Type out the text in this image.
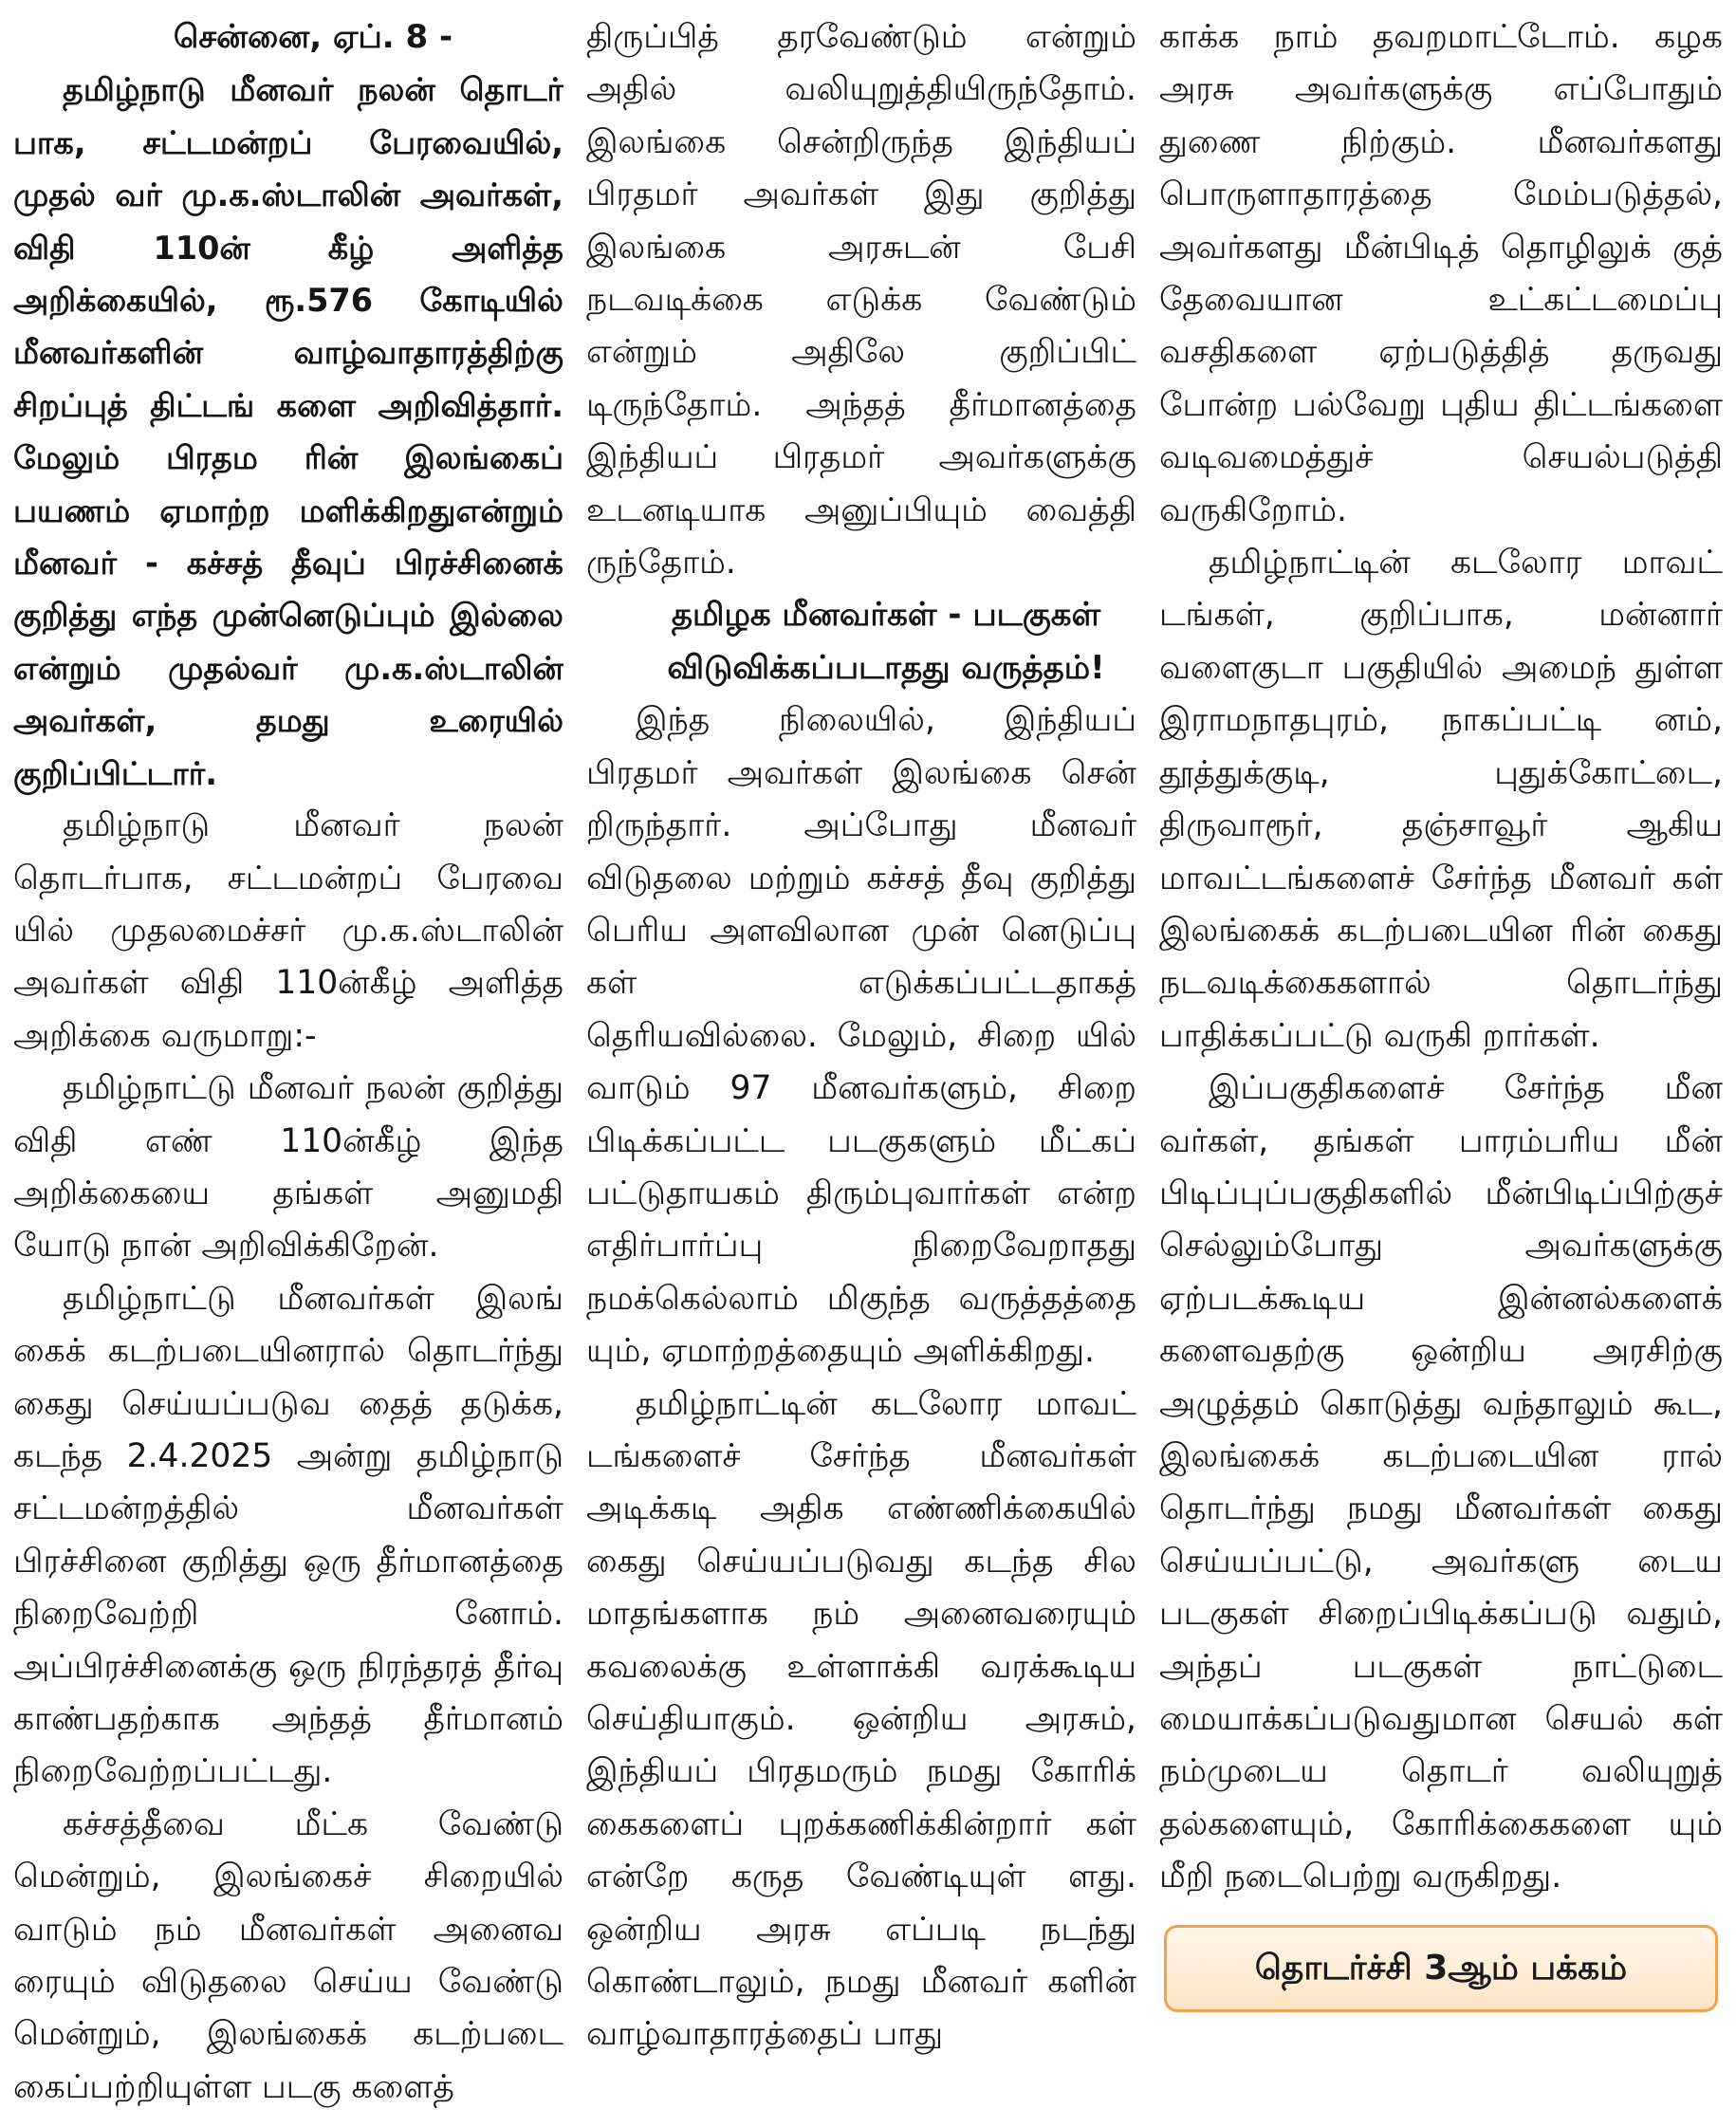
சென்னை, ஏப். 8 -

தமிழ்நாடு மீனவர் நலன் தொடர் பாக, சட்டமன்றப் பேரவையில், முதல் வர் மு.க.ஸ்டாலின் அவர்கள், விதி 110ன் கீழ் அளித்த அறிக்கையில், ரூ.576 கோடியில் மீனவர்களின் வாழ்வாதாரத்திற்கு சிறப்புத் திட்டங் களை அறிவித்தார். மேலும் பிரதம ரின் இலங்கைப் பயணம் ஏமாற்ற மளிக்கிறதுஎன்றும் மீனவர் - கச்சத் தீவுப் பிரச்சினைக் குறித்து எந்த முன்னெடுப்பும் இல்லை என்றும் முதல்வர் மு.க.ஸ்டாலின் அவர்கள், தமது உரையில் குறிப்பிட்டார்.

தமிழ்நாடு மீனவர் நலன் தொடர்பாக, சட்டமன்றப் பேரவை யில் முதலமைச்சர் மு.க.ஸ்டாலின் அவர்கள் விதி 110ன்கீழ் அளித்த அறிக்கை வருமாறு:-

தமிழ்நாட்டு மீனவர் நலன் குறித்து விதி எண் 110ன்கீழ் இந்த அறிக்கையை தங்கள் அனுமதி யோடு நான் அறிவிக்கிறேன்.

தமிழ்நாட்டு மீனவர்கள் இலங் கைக் கடற்படையினரால் தொடர்ந்து கைது செய்யப்படுவ தைத் தடுக்க, கடந்த 2.4.2025 அன்று தமிழ்நாடு சட்டமன்றத்தில் மீனவர்கள் பிரச்சினை குறித்து ஒரு தீர்மானத்தை நிறைவேற்றி னோம். அப்பிரச்சினைக்கு ஒரு நிரந்தரத் தீர்வு காண்பதற்காக அந்தத் தீர்மானம் நிறைவேற்றப்பட்டது.

கச்சத்தீவை மீட்க வேண்டு மென்றும், இலங்கைச் சிறையில் வாடும் நம் மீனவர்கள் அனைவ ரையும் விடுதலை செய்ய வேண்டு மென்றும், இலங்கைக் கடற்படை கைப்பற்றியுள்ள படகு களைத்

திருப்பித் தரவேண்டும் என்றும் அதில் வலியுறுத்தியிருந்தோம். இலங்கை சென்றிருந்த இந்தியப் பிரதமர் அவர்கள் இது குறித்து இலங்கை அரசுடன் பேசி நடவடிக்கை எடுக்க வேண்டும் என்றும் அதிலே குறிப்பிட் டிருந்தோம். அந்தத் தீர்மானத்தை இந்தியப் பிரதமர் அவர்களுக்கு உடனடியாக அனுப்பியும் வைத்தி ருந்தோம்.

தமிழக மீனவர்கள் - படகுகள்

விடுவிக்கப்படாதது வருத்தம்!

இந்த நிலையில், இந்தியப் பிரதமர் அவர்கள் இலங்கை சென் றிருந்தார். அப்போது மீனவர் விடுதலை மற்றும் கச்சத் தீவு குறித்து பெரிய அளவிலான முன் னெடுப்பு கள் எடுக்கப்பட்டதாகத் தெரியவில்லை. மேலும், சிறை யில் வாடும் 97 மீனவர்களும், சிறை பிடிக்கப்பட்ட படகுகளும் மீட்கப் பட்டுதாயகம் திரும்புவார்கள் என்ற எதிர்பார்ப்பு நிறைவேறாதது நமக்கெல்லாம் மிகுந்த வருத்தத்தை யும், ஏமாற்றத்தையும் அளிக்கிறது.

தமிழ்நாட்டின் கடலோர மாவட் டங்களைச் சேர்ந்த மீனவர்கள் அடிக்கடி அதிக எண்ணிக்கையில் கைது செய்யப்படுவது கடந்த சில மாதங்களாக நம் அனைவரையும் கவலைக்கு உள்ளாக்கி வரக்கூடிய செய்தியாகும். ஒன்றிய அரசும், இந்தியப் பிரதமரும் நமது கோரிக் கைகளைப் புறக்கணிக்கின்றார் கள் என்றே கருத வேண்டியுள் ளது. ஒன்றிய அரசு எப்படி நடந்து கொண்டாலும், நமது மீனவர் களின் வாழ்வாதாரத்தைப் பாது

காக்க நாம் தவறமாட்டோம். கழக அரசு அவர்களுக்கு எப்போதும் துணை நிற்கும். மீனவர்களது பொருளாதாரத்தை மேம்படுத்தல், அவர்களது மீன்பிடித் தொழிலுக் குத் தேவையான உட்கட்டமைப்பு வசதிகளை ஏற்படுத்தித் தருவது போன்ற பல்வேறு புதிய திட்டங்களை வடிவமைத்துச் செயல்படுத்தி வருகிறோம்.

தமிழ்நாட்டின் கடலோர மாவட் டங்கள், குறிப்பாக, மன்னார் வளைகுடா பகுதியில் அமைந் துள்ள இராமநாதபுரம், நாகப்பட்டி னம், தூத்துக்குடி, புதுக்கோட்டை, திருவாரூர், தஞ்சாவூர் ஆகிய மாவட்டங்களைச் சேர்ந்த மீனவர் கள் இலங்கைக் கடற்படையின ரின் கைது நடவடிக்கைகளால் தொடர்ந்து பாதிக்கப்பட்டு வருகி றார்கள்.

இப்பகுதிகளைச் சேர்ந்த மீன வர்கள், தங்கள் பாரம்பரிய மீன் பிடிப்புப்பகுதிகளில் மீன்பிடிப்பிற்குச் செல்லும்போது அவர்களுக்கு ஏற்படக்கூடிய இன்னல்களைக் களைவதற்கு ஒன்றிய அரசிற்கு அழுத்தம் கொடுத்து வந்தாலும் கூட, இலங்கைக் கடற்படையின ரால் தொடர்ந்து நமது மீனவர்கள் கைது செய்யப்பட்டு, அவர்களு டைய படகுகள் சிறைப்பிடிக்கப்படு வதும், அந்தப் படகுகள் நாட்டுடை மையாக்கப்படுவதுமான செயல் கள் நம்முடைய தொடர் வலியுறுத் தல்களையும், கோரிக்கைகளை யும் மீறி நடைபெற்று வருகிறது.

தொடர்ச்சி 3ஆம் பக்கம்
